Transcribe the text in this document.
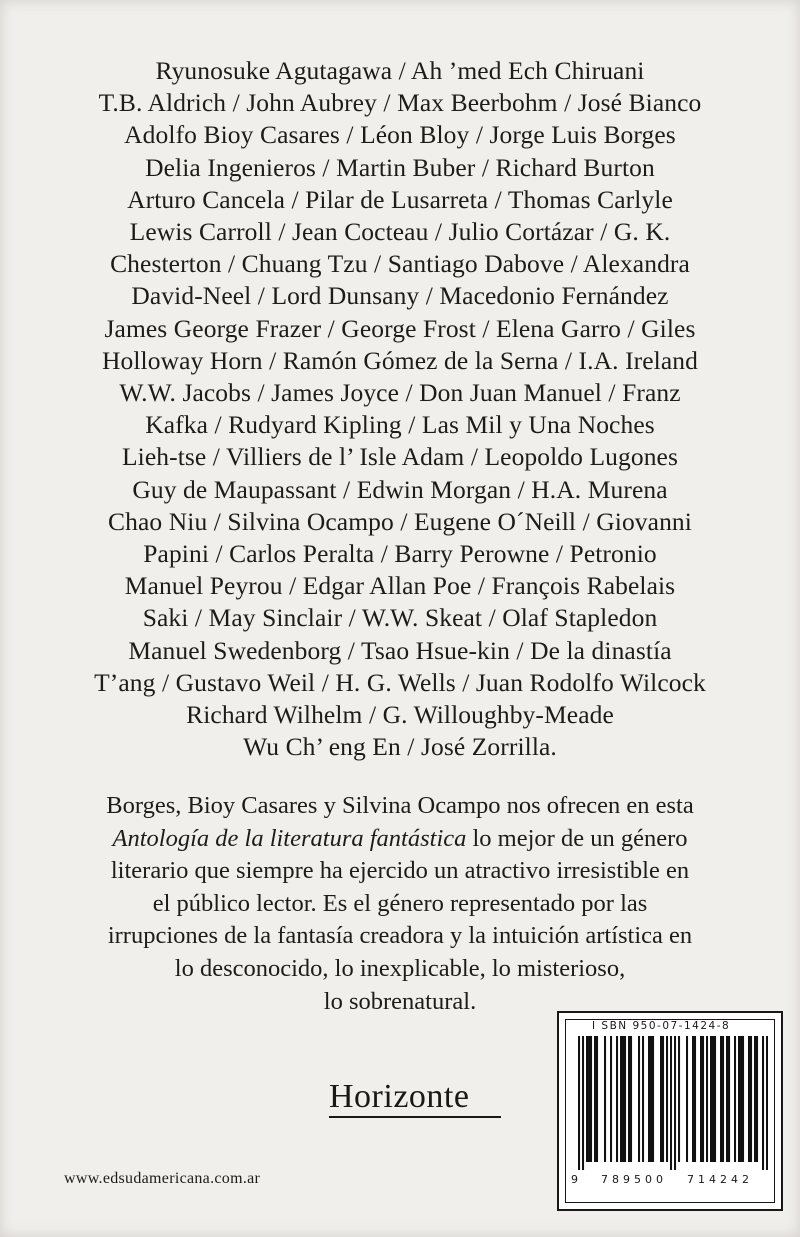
Ryunosuke Agutagawa / Ah ’med Ech Chiruani
T.B. Aldrich / John Aubrey / Max Beerbohm / José Bianco
Adolfo Bioy Casares / Léon Bloy / Jorge Luis Borges
Delia Ingenieros / Martin Buber / Richard Burton
Arturo Cancela / Pilar de Lusarreta / Thomas Carlyle
Lewis Carroll / Jean Cocteau / Julio Cortázar / G. K.
Chesterton / Chuang Tzu / Santiago Dabove / Alexandra
David-Neel / Lord Dunsany / Macedonio Fernández
James George Frazer / George Frost / Elena Garro / Giles
Holloway Horn / Ramón Gómez de la Serna / I.A. Ireland
W.W. Jacobs / James Joyce / Don Juan Manuel / Franz
Kafka / Rudyard Kipling / Las Mil y Una Noches
Lieh-tse / Villiers de l’ Isle Adam / Leopoldo Lugones
Guy de Maupassant / Edwin Morgan / H.A. Murena
Chao Niu / Silvina Ocampo / Eugene O´Neill / Giovanni
Papini / Carlos Peralta / Barry Perowne / Petronio
Manuel Peyrou / Edgar Allan Poe / François Rabelais
Saki / May Sinclair / W.W. Skeat / Olaf Stapledon
Manuel Swedenborg / Tsao Hsue-kin / De la dinastía
T’ang / Gustavo Weil / H. G. Wells / Juan Rodolfo Wilcock
Richard Wilhelm / G. Willoughby-Meade
Wu Ch’ eng En / José Zorrilla.
Borges, Bioy Casares y Silvina Ocampo nos ofrecen en esta
Antología de la literatura fantástica lo mejor de un género
literario que siempre ha ejercido un atractivo irresistible en
el público lector. Es el género representado por las
irrupciones de la fantasía creadora y la intuición artística en
lo desconocido, lo inexplicable, lo misterioso,
lo sobrenatural.
Horizonte
www.edsudamericana.com.ar
I SBN 950-07-1424-8
9 789500 714242
